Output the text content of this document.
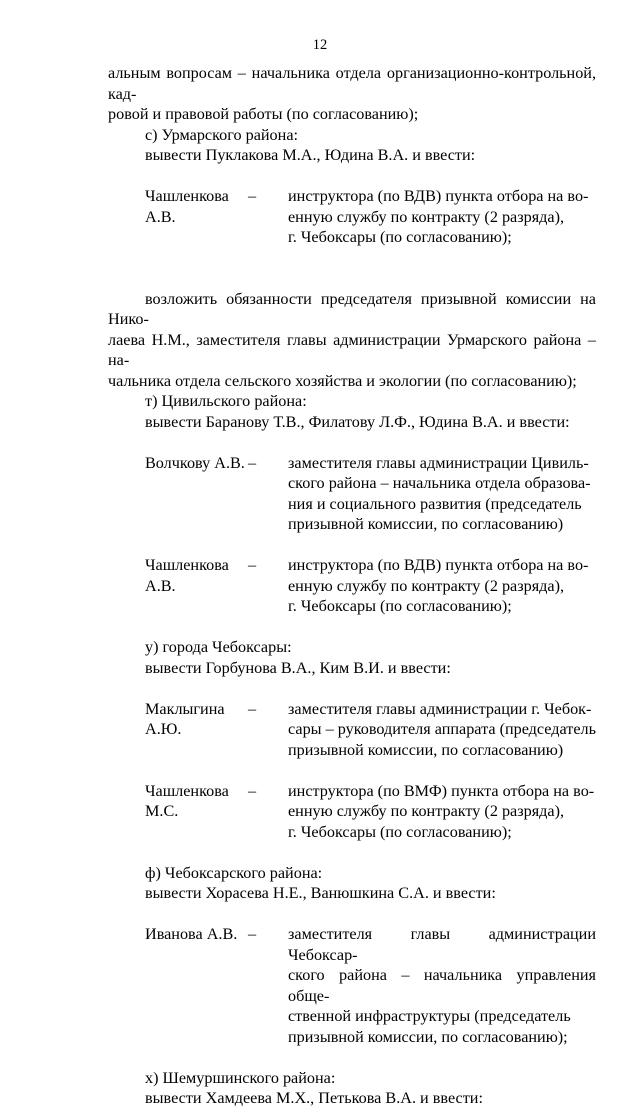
12

альным вопросам – начальника отдела организационно-контрольной, кад-

ровой и правовой работы (по согласованию);

с) Урмарского района:

вывести Пуклакова М.А., Юдина В.А. и ввести:

Чашленкова А.В.
–	инструктора (по ВДВ) пункта отбора на во-

енную службу по контракту (2 разряда),

г. Чебоксары (по согласованию);

возложить обязанности председателя призывной комиссии на Нико-

лаева Н.М., заместителя главы администрации Урмарского района – на-

чальника отдела сельского хозяйства и экологии (по согласованию);

т) Цивильского района:

вывести Баранову Т.В., Филатову Л.Ф., Юдина В.А. и ввести:

Волчкову А.В. –	заместителя главы администрации Цивиль-

ского района – начальника отдела образова-

ния и социального развития (председатель

призывной комиссии, по согласованию)

Чашленкова А.В.
–	инструктора (по ВДВ) пункта отбора на во-

енную службу по контракту (2 разряда),

г. Чебоксары (по согласованию);

у) города Чебоксары:

вывести Горбунова В.А., Ким В.И. и ввести:

Маклыгина А.Ю.
–	заместителя главы администрации г. Чебок-

сары – руководителя аппарата (председатель

призывной комиссии, по согласованию)

Чашленкова М.С.
–	инструктора (по ВМФ) пункта отбора на во-

енную службу по контракту (2 разряда),

г. Чебоксары (по согласованию);

ф) Чебоксарского района:

вывести Хорасева Н.Е., Ванюшкина С.А. и ввести:

Иванова А.В. –	заместителя главы администрации Чебоксар-

ского района – начальника управления обще-

ственной инфраструктуры (председатель

призывной комиссии, по согласованию);

х) Шемуршинского района:

вывести Хамдеева М.Х., Петькова В.А. и ввести:
